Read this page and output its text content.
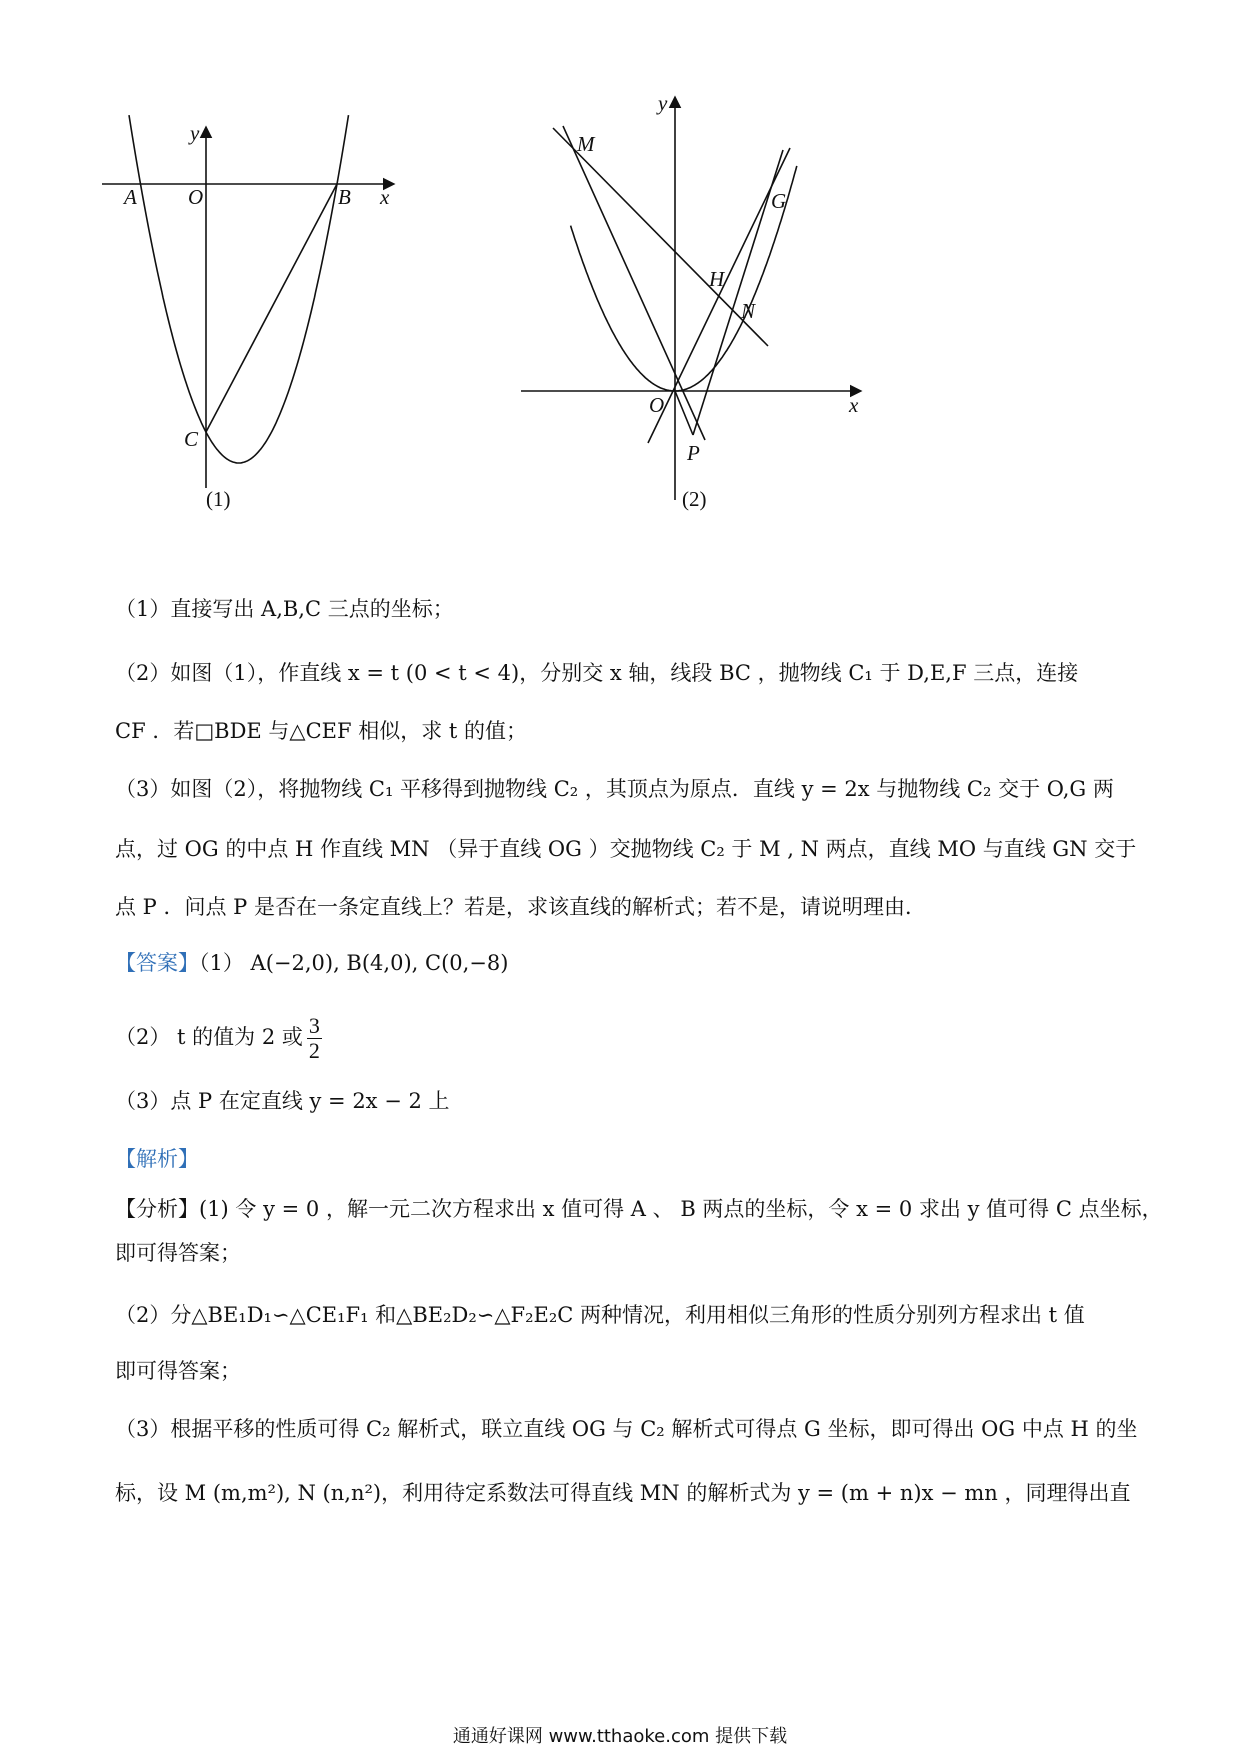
y
A O	B x
C
(1)
y
M
G
H
N
O	x
P
(2)
（1）直接写出 A,B,C 三点的坐标；
（2）如图（1），作直线 x = t (0 < t < 4)，分别交 x 轴，线段 BC ，抛物线 C₁ 于 D,E,F 三点，连接
CF ．若□BDE 与△CEF 相似，求 t 的值；
（3）如图（2），将抛物线 C₁ 平移得到抛物线 C₂ ，其顶点为原点．直线 y = 2x 与抛物线 C₂ 交于 O,G 两
点，过 OG 的中点 H 作直线 MN （异于直线 OG ）交抛物线 C₂ 于 M , N 两点，直线 MO 与直线 GN 交于
点 P ．问点 P 是否在一条定直线上？若是，求该直线的解析式；若不是，请说明理由．
【答案】（1） A(−2,0), B(4,0), C(0,−8)
（2） t 的值为 2 或 $\frac{3}{2}$
（3）点 P 在定直线 y = 2x − 2 上
【解析】
【分析】(1) 令 y = 0 ，解一元二次方程求出 x 值可得 A 、 B 两点的坐标，令 x = 0 求出 y 值可得 C 点坐标，
即可得答案；
（2）分△BE₁D₁∽△CE₁F₁ 和△BE₂D₂∽△F₂E₂C 两种情况，利用相似三角形的性质分别列方程求出 t 值
即可得答案；
（3）根据平移的性质可得 C₂ 解析式，联立直线 OG 与 C₂ 解析式可得点 G 坐标，即可得出 OG 中点 H 的坐
标，设 M (m,m²), N (n,n²)，利用待定系数法可得直线 MN 的解析式为 y = (m + n)x − mn ，同理得出直
通通好课网 www.tthaoke.com 提供下载
